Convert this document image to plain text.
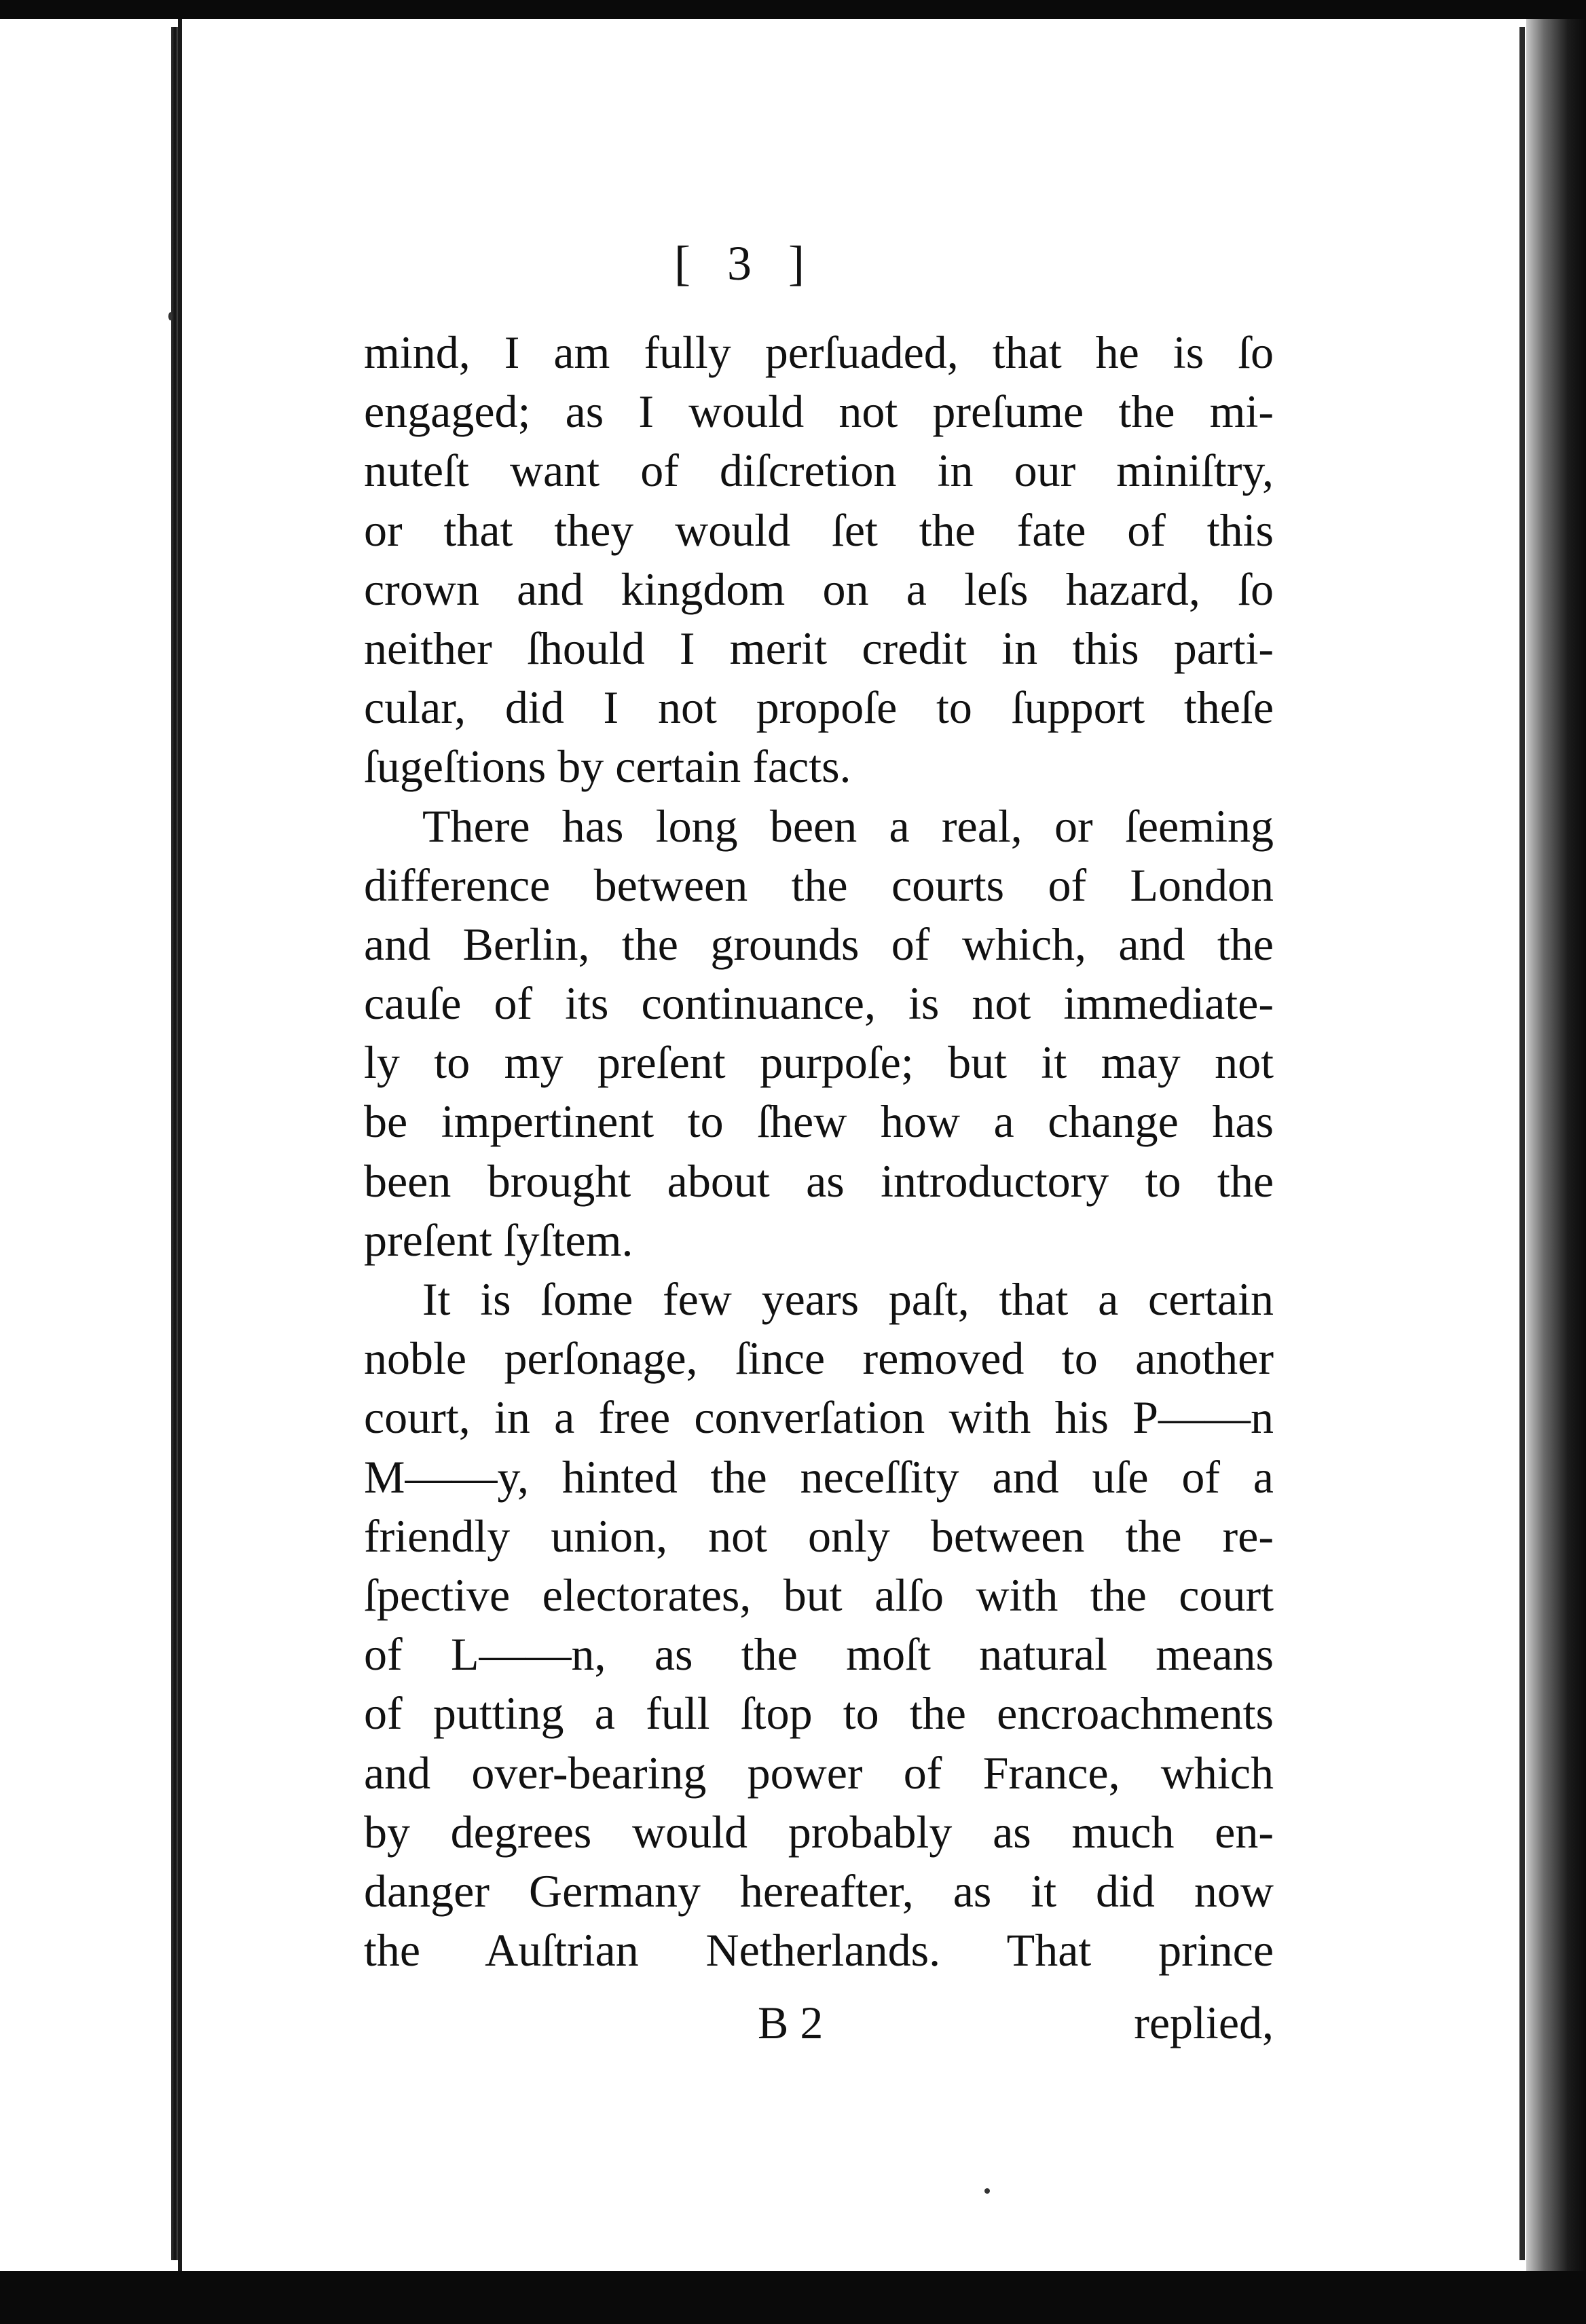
[ 3 ]
mind, I am fully perſuaded, that he is ſo
engaged; as I would not preſume the mi-
nuteſt want of diſcretion in our miniſtry,
or that they would ſet the fate of this
crown and kingdom on a leſs hazard, ſo
neither ſhould I merit credit in this parti-
cular, did I not propoſe to ſupport theſe
ſugeſtions by certain facts.
There has long been a real, or ſeeming
difference between the courts of London
and Berlin, the grounds of which, and the
cauſe of its continuance, is not immediate-
ly to my preſent purpoſe; but it may not
be impertinent to ſhew how a change has
been brought about as introductory to the
preſent ſyſtem.
It is ſome few years paſt, that a certain
noble perſonage, ſince removed to another
court, in a free converſation with his P——n
M——y, hinted the neceſſity and uſe of a
friendly union, not only between the re-
ſpective electorates, but alſo with the court
of L——n, as the moſt natural means
of putting a full ſtop to the encroachments
and over-bearing power of France, which
by degrees would probably as much en-
danger Germany hereafter, as it did now
the Auſtrian Netherlands. That prince
B 2	replied,
